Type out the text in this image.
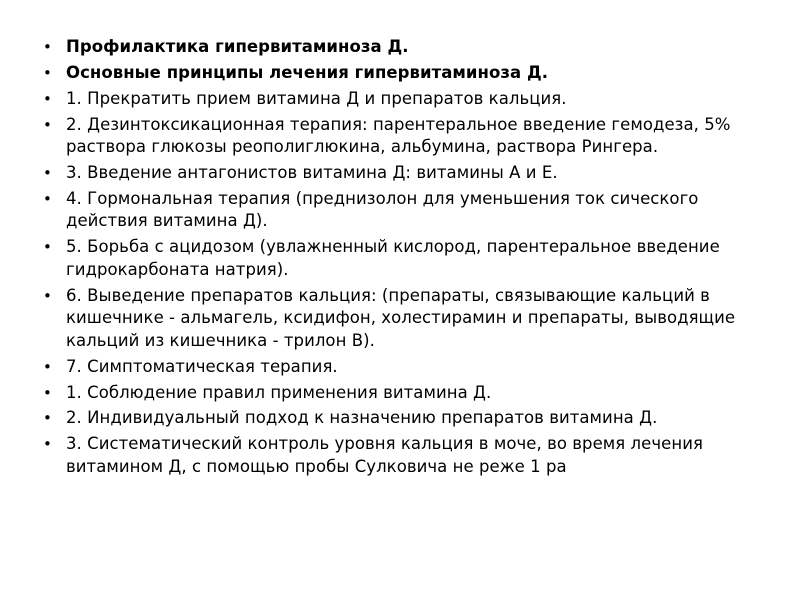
• Профилактика гипервитаминоза Д.
• Основные принципы лечения гипервитаминоза Д.
• 1. Прекратить прием витамина Д и препаратов кальция.
• 2. Дезинтоксикационная терапия: парентеральное введение гемодеза, 5% раствора глюкозы реополиглюкина, альбумина, раствора Рингера.
• 3. Введение антагонистов витамина Д: витамины А и Е.
• 4. Гормональная терапия (преднизолон для уменьшения ток сического действия витамина Д).
• 5. Борьба с ацидозом (увлажненный кислород, парентеральное введение гидрокарбоната натрия).
• 6. Выведение препаратов кальция: (препараты, связывающие кальций в кишечнике - альмагель, ксидифон, холестирамин и препараты, выводящие кальций из кишечника - трилон В).
• 7. Симптоматическая терапия.
• 1. Соблюдение правил применения витамина Д.
• 2. Индивидуальный подход к назначению препаратов витамина Д.
• 3. Систематический контроль уровня кальция в моче, во время лечения витамином Д, с помощью пробы Сулковича не реже 1 ра
